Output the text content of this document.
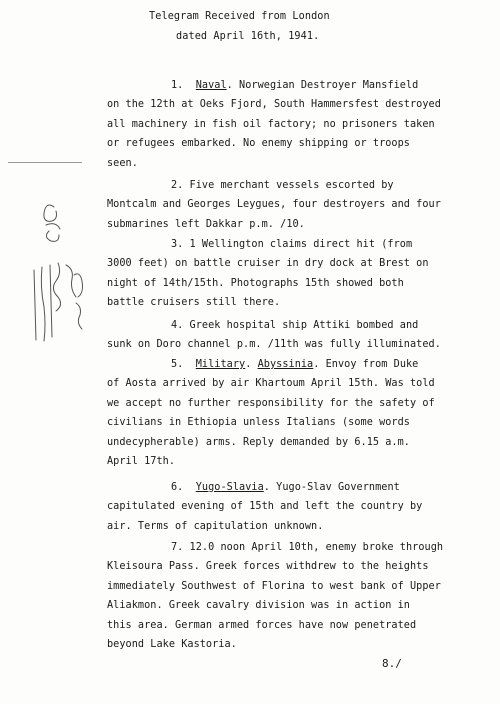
Telegram Received from London
dated April 16th, 1941.
1. Naval. Norwegian Destroyer Mansfield
on the 12th at Oeks Fjord, South Hammersfest destroyed
all machinery in fish oil factory; no prisoners taken
or refugees embarked. No enemy shipping or troops
seen.
2. Five merchant vessels escorted by
Montcalm and Georges Leygues, four destroyers and four
submarines left Dakkar p.m. /10.
3. 1 Wellington claims direct hit (from
3000 feet) on battle cruiser in dry dock at Brest on
night of 14th/15th. Photographs 15th showed both
battle cruisers still there.
4. Greek hospital ship Attiki bombed and
sunk on Doro channel p.m. /11th was fully illuminated.
5. Military. Abyssinia. Envoy from Duke
of Aosta arrived by air Khartoum April 15th. Was told
we accept no further responsibility for the safety of
civilians in Ethiopia unless Italians (some words
undecypherable) arms. Reply demanded by 6.15 a.m.
April 17th.
6. Yugo-Slavia. Yugo-Slav Government
capitulated evening of 15th and left the country by
air. Terms of capitulation unknown.
7. 12.0 noon April 10th, enemy broke through
Kleisoura Pass. Greek forces withdrew to the heights
immediately Southwest of Florina to west bank of Upper
Aliakmon. Greek cavalry division was in action in
this area. German armed forces have now penetrated
beyond Lake Kastoria.
8./
